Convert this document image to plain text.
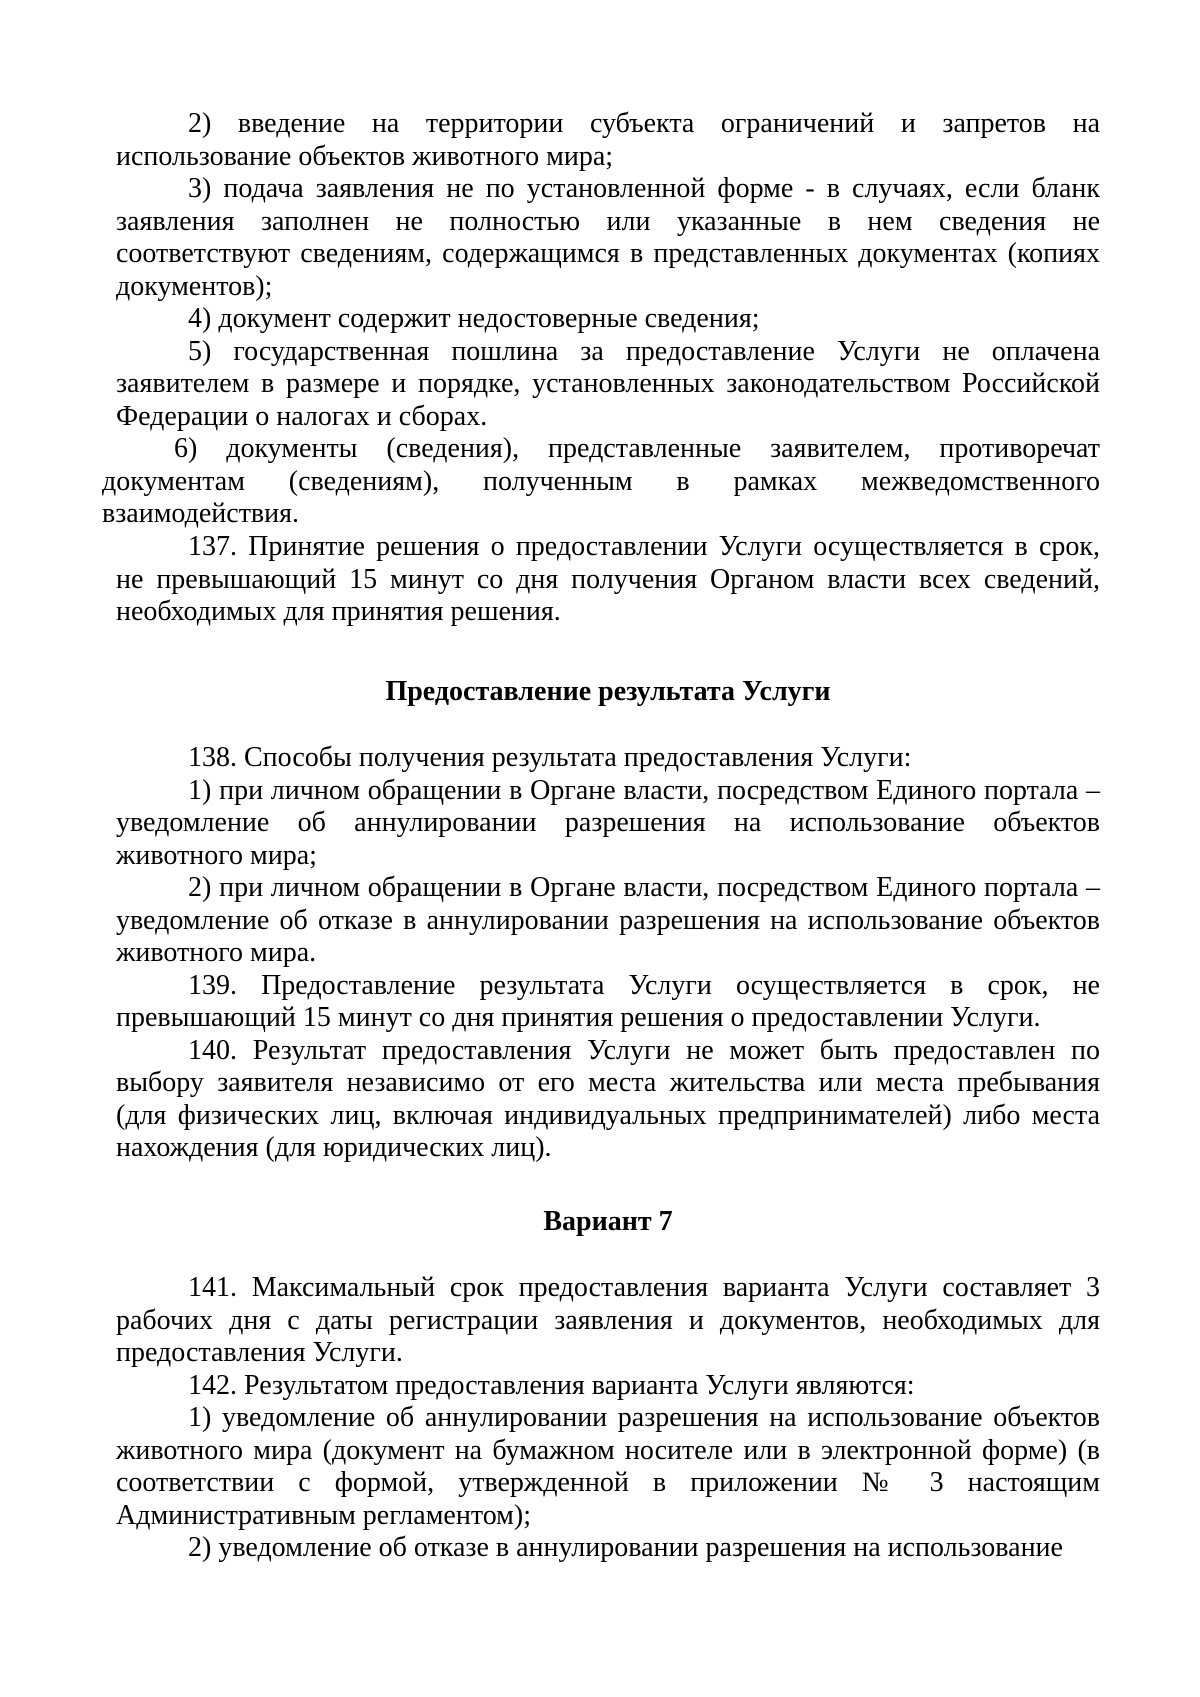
2) введение на территории субъекта ограничений и запретов на использование объектов животного мира;

3) подача заявления не по установленной форме - в случаях, если бланк заявления заполнен не полностью или указанные в нем сведения не соответствуют сведениям, содержащимся в представленных документах (копиях документов);

4) документ содержит недостоверные сведения;

5) государственная пошлина за предоставление Услуги не оплачена заявителем в размере и порядке, установленных законодательством Российской Федерации о налогах и сборах.

6) документы (сведения), представленные заявителем, противоречат документам (сведениям), полученным в рамках межведомственного взаимодействия.

137. Принятие решения о предоставлении Услуги осуществляется в срок, не превышающий 15 минут со дня получения Органом власти всех сведений, необходимых для принятия решения.

Предоставление результата Услуги

138. Способы получения результата предоставления Услуги:

1) при личном обращении в Органе власти, посредством Единого портала – уведомление об аннулировании разрешения на использование объектов животного мира;

2) при личном обращении в Органе власти, посредством Единого портала – уведомление об отказе в аннулировании разрешения на использование объектов животного мира.

139. Предоставление результата Услуги осуществляется в срок, не превышающий 15 минут со дня принятия решения о предоставлении Услуги.

140. Результат предоставления Услуги не может быть предоставлен по выбору заявителя независимо от его места жительства или места пребывания (для физических лиц, включая индивидуальных предпринимателей) либо места нахождения (для юридических лиц).

Вариант 7

141. Максимальный срок предоставления варианта Услуги составляет 3 рабочих дня с даты регистрации заявления и документов, необходимых для предоставления Услуги.

142. Результатом предоставления варианта Услуги являются:

1) уведомление об аннулировании разрешения на использование объектов животного мира (документ на бумажном носителе или в электронной форме) (в соответствии с формой, утвержденной в приложении № 3 настоящим Административным регламентом);

2) уведомление об отказе в аннулировании разрешения на использование
